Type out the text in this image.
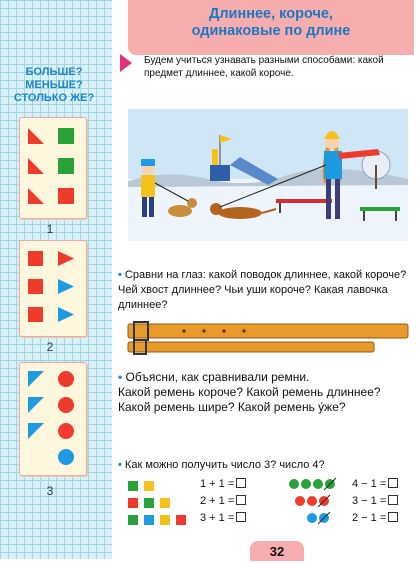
БОЛЬШЕ?
МЕНЬШЕ?
СТОЛЬКО ЖЕ?
1
2
3
Длиннее, короче,
одинаковые по длине
Будем учиться узнавать разными способами: какой предмет длиннее, какой короче.
• Сравни на глаз: какой поводок длиннее, какой короче? Чей хвост длиннее? Чьи уши короче? Какая лавочка длиннее?
• Объясни, как сравнивали ремни.
Какой ремень короче? Какой ремень длиннее?
Какой ремень шире? Какой ремень у́же?
• Как можно получить число 3? число 4?
1 + 1 =
2 + 1 =
3 + 1 =
4 − 1 =
3 − 1 =
2 − 1 =
32
